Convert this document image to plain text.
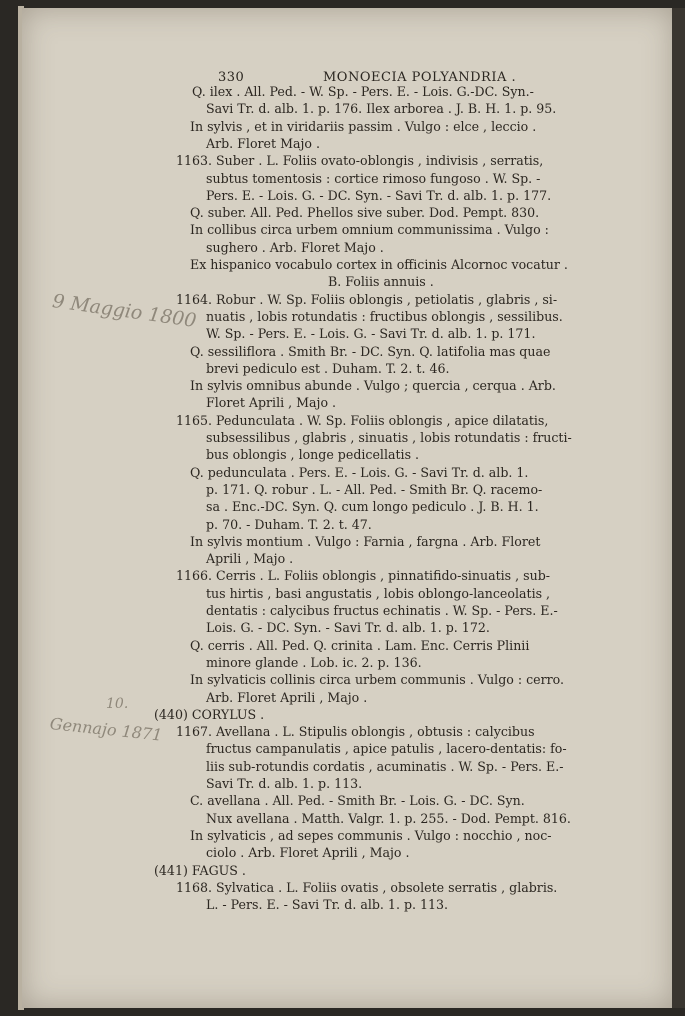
330	MONOECIA POLYANDRIA .
Q. ilex . All. Ped. - W. Sp. - Pers. E. - Lois. G.-DC. Syn.-
Savi Tr. d. alb. 1. p. 176. Ilex arborea . J. B. H. 1. p. 95.
In sylvis , et in viridariis passim . Vulgo : elce , leccio .
Arb. Floret Majo .
1163. Suber . L. Foliis ovato-oblongis , indivisis , serratis,
subtus tomentosis : cortice rimoso fungoso . W. Sp. -
Pers. E. - Lois. G. - DC. Syn. - Savi Tr. d. alb. 1. p. 177.
Q. suber. All. Ped. Phellos sive suber. Dod. Pempt. 830.
In collibus circa urbem omnium communissima . Vulgo :
sughero . Arb. Floret Majo .
Ex hispanico vocabulo cortex in officinis Alcornoc vocatur .
B. Foliis annuis .
1164. Robur . W. Sp. Foliis oblongis , petiolatis , glabris , si-
nuatis , lobis rotundatis : fructibus oblongis , sessilibus.
W. Sp. - Pers. E. - Lois. G. - Savi Tr. d. alb. 1. p. 171.
Q. sessiliflora . Smith Br. - DC. Syn. Q. latifolia mas quae
brevi pediculo est . Duham. T. 2. t. 46.
In sylvis omnibus abunde . Vulgo ; quercia , cerqua . Arb.
Floret Aprili , Majo .
1165. Pedunculata . W. Sp. Foliis oblongis , apice dilatatis,
subsessilibus , glabris , sinuatis , lobis rotundatis : fructi-
bus oblongis , longe pedicellatis .
Q. pedunculata . Pers. E. - Lois. G. - Savi Tr. d. alb. 1.
p. 171. Q. robur . L. - All. Ped. - Smith Br. Q. racemo-
sa . Enc.-DC. Syn. Q. cum longo pediculo . J. B. H. 1.
p. 70. - Duham. T. 2. t. 47.
In sylvis montium . Vulgo : Farnia , fargna . Arb. Floret
Aprili , Majo .
1166. Cerris . L. Foliis oblongis , pinnatifido-sinuatis , sub-
tus hirtis , basi angustatis , lobis oblongo-lanceolatis ,
dentatis : calycibus fructus echinatis . W. Sp. - Pers. E.-
Lois. G. - DC. Syn. - Savi Tr. d. alb. 1. p. 172.
Q. cerris . All. Ped. Q. crinita . Lam. Enc. Cerris Plinii
minore glande . Lob. ic. 2. p. 136.
In sylvaticis collinis circa urbem communis . Vulgo : cerro.
Arb. Floret Aprili , Majo .
(440) CORYLUS .
1167. Avellana . L. Stipulis oblongis , obtusis : calycibus
fructus campanulatis , apice patulis , lacero-dentatis: fo-
liis sub-rotundis cordatis , acuminatis . W. Sp. - Pers. E.-
Savi Tr. d. alb. 1. p. 113.
C. avellana . All. Ped. - Smith Br. - Lois. G. - DC. Syn.
Nux avellana . Matth. Valgr. 1. p. 255. - Dod. Pempt. 816.
In sylvaticis , ad sepes communis . Vulgo : nocchio , noc-
ciolo . Arb. Floret Aprili , Majo .
(441) FAGUS .
1168. Sylvatica . L. Foliis ovatis , obsolete serratis , glabris.
L. - Pers. E. - Savi Tr. d. alb. 1. p. 113.
9 Maggio 1800
10.
Gennajo 1871
